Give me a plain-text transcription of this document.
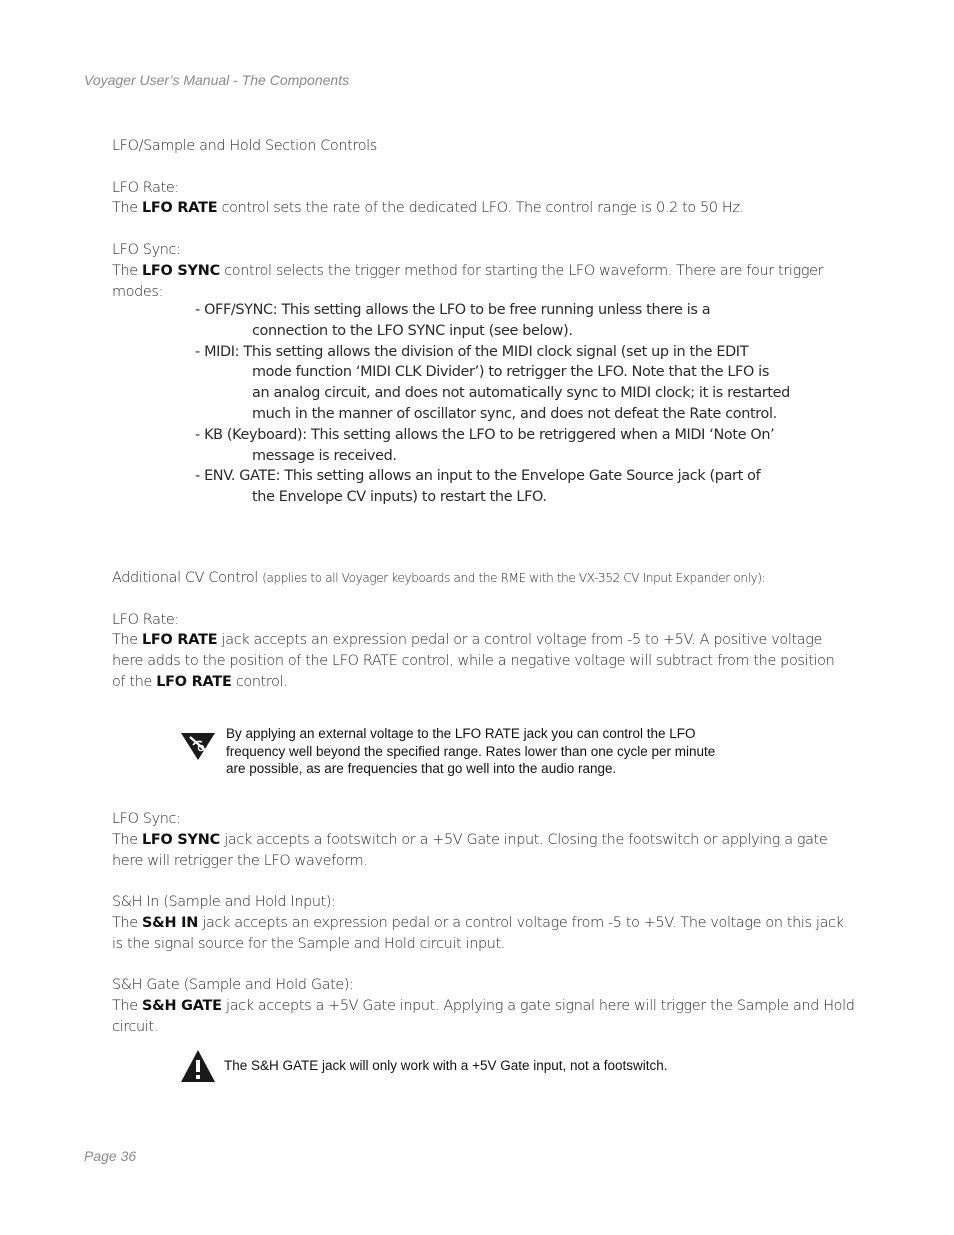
Voyager User’s Manual - The Components
LFO/Sample and Hold Section Controls
LFO Rate:
The LFO RATE control sets the rate of the dedicated LFO. The control range is 0.2 to 50 Hz.
LFO Sync:
The LFO SYNC control selects the trigger method for starting the LFO waveform. There are four trigger
modes:
- OFF/SYNC: This setting allows the LFO to be free running unless there is a
connection to the LFO SYNC input (see below).
- MIDI: This setting allows the division of the MIDI clock signal (set up in the EDIT
mode function ‘MIDI CLK Divider’) to retrigger the LFO. Note that the LFO is
an analog circuit, and does not automatically sync to MIDI clock; it is restarted
much in the manner of oscillator sync, and does not defeat the Rate control.
- KB (Keyboard): This setting allows the LFO to be retriggered when a MIDI ‘Note On’
message is received.
- ENV. GATE: This setting allows an input to the Envelope Gate Source jack (part of
the Envelope CV inputs) to restart the LFO.
Additional CV Control (applies to all Voyager keyboards and the RME with the VX-352 CV Input Expander only):
LFO Rate:
The LFO RATE jack accepts an expression pedal or a control voltage from -5 to +5V. A positive voltage
here adds to the position of the LFO RATE control, while a negative voltage will subtract from the position
of the LFO RATE control.
By applying an external voltage to the LFO RATE jack you can control the LFO
frequency well beyond the specified range. Rates lower than one cycle per minute
are possible, as are frequencies that go well into the audio range.
LFO Sync:
The LFO SYNC jack accepts a footswitch or a +5V Gate input. Closing the footswitch or applying a gate
here will retrigger the LFO waveform.
S&H In (Sample and Hold Input):
The S&H IN jack accepts an expression pedal or a control voltage from -5 to +5V. The voltage on this jack
is the signal source for the Sample and Hold circuit input.
S&H Gate (Sample and Hold Gate):
The S&H GATE jack accepts a +5V Gate input. Applying a gate signal here will trigger the Sample and Hold
circuit.
The S&H GATE jack will only work with a +5V Gate input, not a footswitch.
Page 36
